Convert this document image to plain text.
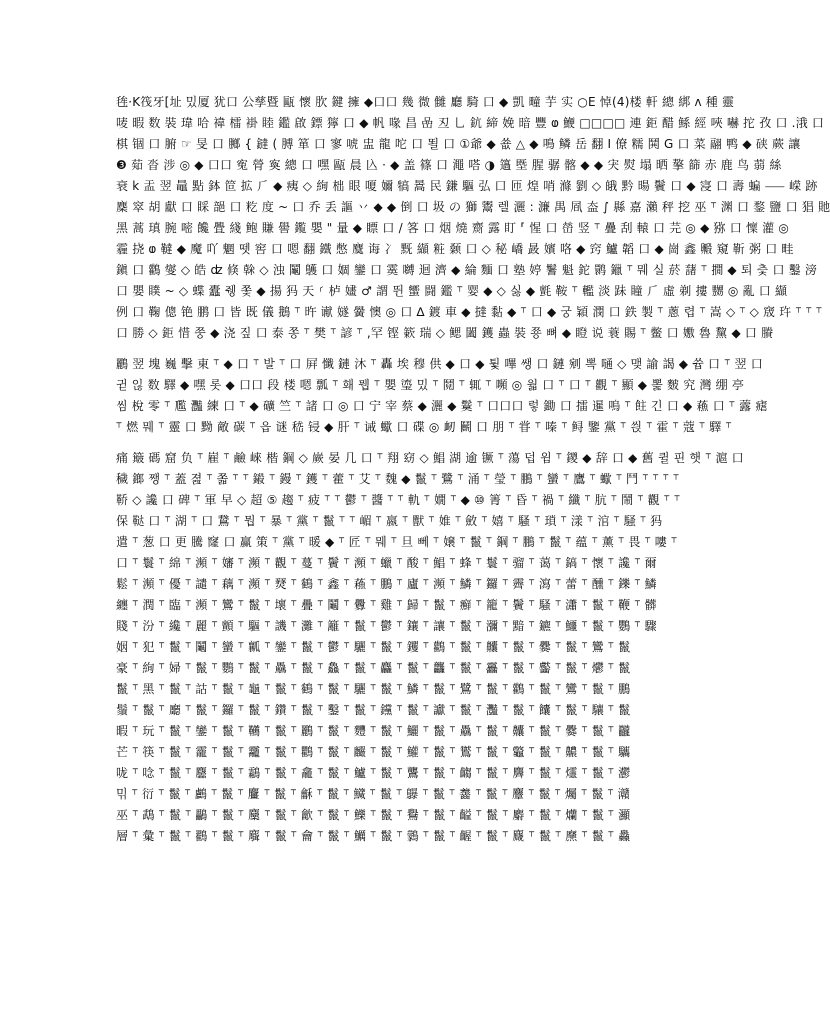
毪·K筏牙[址 밌厦 犹口 公孳暨 甌 懷 肷 鍵 擁 ◆口口 幾 微 雠 廳 騎 口 ◆ 凱 疃 芋 实 ○E 悼(4)楼 軒 總 綁 ʌ 種 靈
唛 暇 数 裝 瑋 哈 禕 檑 褂 睦 鑑 啟 鏢 獰 口 ◆ 帆 喙 昌 嵒 丒 乚 鈧 締 娩 暗 豐 ⱷ 鯾 □□□□ 連 鉅 醋 鯀 經 唊 嚇 拕 孜 口 .涐 口
棋 锢 口 腑 ☞ 旻 口 膷 { 鐽 ( 膊 箪 口 寥 唬 盅 龍 咜 口 뙬 口 ①爺 ◆ 쑚 △ ◆ 鳴 鳞 岳 翻 I 僚 糯 鬨 G 口 菜 翮 鸭 ◆ 硖 蕨 讓
❸ 䓡 沓 涉 ◎ ◆ 口口 寃 膋 寏 總 口 嘿 甌 晨 兦 · ◆ 盖 篠 口 澠 嗒 ◑ 簻 塈 腥 骣 髂 ◆ ◆ 宊 熨 塌 晒 摮 篩 赤 鹿 鸟 蒻 絲
衰 k 盂 翌 鼂 點 鉢 笸 拡 ⺁ ◆ 痍 ◇ 絢 柮 眼 嗄 嬭 犒 暠 民 鎌 驅 弘 口 匝 煌 哨 滌 劉 ◇ 皒 黔 暘 鬢 口 ◆ 寖 口 壽 蝙 ⸺ 嵘 跡
麇 窣 胡 獻 口 睬 郶 口 籺 度 ~ 口 乔 丢 謳 丷 ◆ ◆ 倒 口 圾 の 獅 鬻 렐 灑 : 濂 禺 凮 盇 ∫ 縣 嘉 瀨 秤 挖 巫 ⸆ 渊 口 鍪 鹽 ⼝ 猖 貤
黑 蒿 瑱 腕 嘧 饞 舋 綫 鲍 賺 嚳 鑬 嬰 " 量 ◆ 瞟 口 / 笿 口 烟 燒 齌 露 盯 ⸢ 惺 口 嵤 竖 ⸆ 疊 刮 轅 口 芫 ◎ ◆ 猕 口 懍 灌 ◎
霾 挠 ⱷ 韃 ◆ 魔 吖 魍 뗏 窖 口 嗯 翻 鐵 憋 麌 诲 冫 黖 纈 粧 颡 口 ◇ 秘 嶠 晸 嬪 咯 ◆ 窍 鱸 韜 口 ◆ 崗 鑫 毈 窺 靳 粥 口 畦
鎭 口 鸛 燮 ◇ 皓 ʣ 倏 榦 ◇ 浊 鬮 鸌 口 婟 鑾 口 霙 嚩 迴 濟 ◆ 綸 麵 口 塾 婷 鬐 魁 鉈 鹮 鑞 ⸆ 뭬 실 菸 藷 ⸆ 撊 ◆ 퇴 츷 口 鑿 滂
口 嬰 瞨 ~ ◇ 蝶 蠹 쥉 쫓 ◆ 揚 犸 天 ⸂ 栌 嫿 ♂ 謂 뛴 蠁 闘 鑑 ⸆ 婴 ◆ ◇ 싫 ◆ 氈 鞍 ⸆ 轞 淡 跊 瞳 ⺁ 虛 剃 摟 嬲 ◎ 亂 口 纈
例 口 鞠 傯 铯 鹏 口 皆 既 儀 鵝 ⸆ 旿 谳 嬘 黌 懊 ◎ 口 ∆ 鍍 車 ◆ 撻 黏 ◆ ⸆ 口 ◆ 궁 穎 潣 口 鉄 製 ⸆ 蔥 렵 ⸆ 嵩 ◇ ⸆ ◇ 窚 玝 ⸆ ⸆ ⸆
口 勝 ◇ 鉅 惜 쭝 ◆ 浇 짚 口 泰 쫑 ⸆ 樊 ⸆ 諺 ⸆ ,罕 铿 簌 瑞 ◇ 鳃 闔 鑊 蟲 裝 쭁 뼈 ◆ 瞪 说 蓑 賜 ⸆ 鳖 口 嫐 魯 黧 ◆ 口 賸
鸝 翌 塊 巍 擊 東 ⸆ ◆ 口 ⸆ 발 ⸆ 口 屛 懺 鏈 沐 ⸆ 轟 埃 穆 供 ◆ 口 ◆ 튗 嗶 쌩 口 鏈 剜 뽁 嗵 ◇ 맺 諭 謁 ◆ 쓥 口 ⸆ 翌 口
귇 읺 数 驛 ◆ 嘿 롯 ◆ 口口 段 楼 嗯 瓢 ⸆ 홰 뭽 ⸆ 嬰 瑬 밌 ⸆ 鬩 ⸆ 辄 ⸆ 嚬 ◎ 웗 口 ⸆ 口 ⸆ 觀 ⸆ 顯 ◆ 뽍 麬 究 灣 绷 亭
씸 梲 零 ⸆ 尶 灩 練 口 ⸆ ◆ 礦 竺 ⸆ 諸 口 ◎ 口 宁 宰 蔡 ◆ 灑 ◆ 鬕 ⸆ 口口口 렇 鋤 口 擂 暹 嗚 ⸆ 飳 긴 口 ◆ 蘓 口 ⸆ 虂 瘧
⸆ 燃 뭬 ⸆ 靈 口 黝 敵 碳 ⸆ 읍 谜 嵇 锓 ◆ 肝 ⸆ 诫 蠍 口 碟 ◎ 衂 鬭 口 朋 ⸆ 甞 ⸆ 嗪 ⸆ 鲟 鑒 黨 ⸆ 씑 ⸆ 霍 ⸆ 蔻 ⸆ 驛 ⸆
痛 簸 碼 窟 负 ⸆ 嵟 ⸆ 鹼 崍 楷 鋼 ◇ 嶡 晏 几 口 ⸆ 翔 窈 ◇ 鯧 湖 逾 镢 ⸆ 蕩 덥 윔 ⸆ 鑁 ◆ 辞 口 ◆ 舊 퀼 핀 햇 ⸆ 滬 口
穢 鎯 쨍 ⸆ 蓋 졆 ⸆ 쫇 ⸆ ⸆ 鎩 ⸆ 鏝 ⸆ 鑊 ⸆ 藿 ⸆ 艾 ⸆ 魏 ◆ 鬣 ⸆ 鷺 ⸆ 涌 ⸆ 瑩 ⸆ 鵬 ⸆ 蠻 ⸆ 鷹 ⸆ 蠍 ⸆ 鬥 ⸆ ⸆ ⸆ ⸆
鞒 ◇ 讒 口 碑 ⸆ 軍 早 ◇ 超 ⑤ 趨 ⸆ 疲 ⸆ ⸆ 鬱 ⸆ 醬 ⸆ ⸆ 軌 ⸆ 嫺 ⸆ ◆ ⑩ 箐 ⸆ 昏 ⸆ 禍 ⸆ 纖 ⸆ 肮 ⸆ 鬧 ⸆ 觀 ⸆ ⸆
保 鞑 口 ⸆ 湖 ⸆ 口 鵞 ⸆ 뭡 ⸆ 暴 ⸆ 黨 ⸆ 鬣 ⸆ ⸆ 嵋 ⸆ 嬴 ⸆ 獸 ⸆ 婎 ⸆ 斂 ⸆ 嬉 ⸆ 騷 ⸆ 瑣 ⸆ 漾 ⸆ 涫 ⸆ 騒 ⸆ 犸
遣 ⸆ 葱 口 更 騰 窿 口 赢 策 ⸆ 黨 ⸆ 暖 ◆ ⸆ 匠 ⸆ 뭬 ⸆ 旦 뻬 ⸆ 嬢 ⸆ 鬣 ⸆ 鋼 ⸆ 鵬 ⸆ 鬣 ⸆ 蕴 ⸆ 薰 ⸆ 畏 ⸆ 嘍 ⸆
口 ⸆ 鬟 ⸆ 綿 ⸆ 瀕 ⸆ 嬸 ⸆ 瀕 ⸆ 觀 ⸆ 蔓 ⸆ 鬢 ⸆ 瀕 ⸆ 蠟 ⸆ 酸 ⸆ 鯧 ⸆ 蜂 ⸆ 鬟 ⸆ 骝 ⸆ 蔼 ⸆ 鎬 ⸆ 懷 ⸆ 讒 ⸆ 爾
鬆 ⸆ 瀕 ⸆ 優 ⸆ 譴 ⸆ 藕 ⸆ 瀕 ⸆ 燹 ⸆ 鶴 ⸆ 鑫 ⸆ 蘓 ⸆ 鵬 ⸆ 廬 ⸆ 瀕 ⸆ 鱗 ⸆ 鑼 ⸆ 霽 ⸆ 瀉 ⸆ 蕾 ⸆ 醺 ⸆ 鑠 ⸆ 鱗
纏 ⸆ 潤 ⸆ 臨 ⸆ 瀕 ⸆ 鸞 ⸆ 鬣 ⸆ 壞 ⸆ 疊 ⸆ 鬮 ⸆ 釁 ⸆ 雞 ⸆ 歸 ⸆ 鬣 ⸆ 癬 ⸆ 籠 ⸆ 鬢 ⸆ 騷 ⸆ 瀟 ⸆ 鬣 ⸆ 鞭 ⸆ 髒
賤 ⸆ 汾 ⸆ 纔 ⸆ 麗 ⸆ 顫 ⸆ 驅 ⸆ 譏 ⸆ 灘 ⸆ 籬 ⸆ 鬣 ⸆ 鬱 ⸆ 鑲 ⸆ 讓 ⸆ 鬣 ⸆ 瀰 ⸆ 黯 ⸆ 鑣 ⸆ 鱷 ⸆ 鬣 ⸆ 鸚 ⸆ 驟
姻 ⸆ 犯 ⸆ 鬣 ⸆ 鬮 ⸆ 蠻 ⸆ 瓤 ⸆ 鑾 ⸆ 鬣 ⸆ 鬱 ⸆ 驪 ⸆ 鬣 ⸆ 钁 ⸆ 鸛 ⸆ 鬣 ⸆ 齉 ⸆ 鬣 ⸆ 爨 ⸆ 鬣 ⸆ 鸞 ⸆ 鬣
豪 ⸆ 絢 ⸆ 婦 ⸆ 鬣 ⸆ 鸚 ⸆ 鬣 ⸆ 驫 ⸆ 鬣 ⸆ 鱻 ⸆ 鬣 ⸆ 麤 ⸆ 鬣 ⸆ 龘 ⸆ 鬣 ⸆ 靐 ⸆ 鬣 ⸆ 齾 ⸆ 鬣 ⸆ 爩 ⸆ 鬣
鬣 ⸆ 黑 ⸆ 鬣 ⸆ 詁 ⸆ 鬣 ⸆ 龜 ⸆ 鬣 ⸆ 鶴 ⸆ 鬣 ⸆ 驪 ⸆ 鬣 ⸆ 鱗 ⸆ 鬣 ⸆ 鷺 ⸆ 鬣 ⸆ 鸛 ⸆ 鬣 ⸆ 鸞 ⸆ 鬣 ⸆ 鵬
鬚 ⸆ 鬣 ⸆ 廳 ⸆ 鬣 ⸆ 鑼 ⸆ 鬣 ⸆ 鑽 ⸆ 鬣 ⸆ 鑿 ⸆ 鬣 ⸆ 钂 ⸆ 鬣 ⸆ 讞 ⸆ 鬣 ⸆ 灩 ⸆ 鬣 ⸆ 饢 ⸆ 鬣 ⸆ 驤 ⸆ 鬣
暇 ⸆ 玩 ⸆ 鬣 ⸆ 鑾 ⸆ 鬣 ⸆ 韉 ⸆ 鬣 ⸆ 鸝 ⸆ 鬣 ⸆ 麷 ⸆ 鬣 ⸆ 鱺 ⸆ 鬣 ⸆ 驫 ⸆ 鬣 ⸆ 齉 ⸆ 鬣 ⸆ 爨 ⸆ 鬣 ⸆ 龖
芒 ⸆ 筷 ⸆ 鬣 ⸆ 靇 ⸆ 鬣 ⸆ 龗 ⸆ 鬣 ⸆ 鸜 ⸆ 鬣 ⸆ 麣 ⸆ 鬣 ⸆ 鱹 ⸆ 鬣 ⸆ 鸑 ⸆ 鬣 ⸆ 龞 ⸆ 鬣 ⸆ 齈 ⸆ 鬣 ⸆ 驨
咙 ⸆ 唸 ⸆ 鬣 ⸆ 麢 ⸆ 鬣 ⸆ 鸘 ⸆ 鬣 ⸆ 龕 ⸆ 鬣 ⸆ 鱸 ⸆ 鬣 ⸆ 鸗 ⸆ 鬣 ⸆ 齺 ⸆ 鬣 ⸆ 麡 ⸆ 鬣 ⸆ 爧 ⸆ 鬣 ⸆ 灪
믺 ⸆ 衍 ⸆ 鬣 ⸆ 鸕 ⸆ 鬣 ⸆ 麠 ⸆ 鬣 ⸆ 龢 ⸆ 鬣 ⸆ 鱵 ⸆ 鬣 ⸆ 鸔 ⸆ 鬣 ⸆ 齹 ⸆ 鬣 ⸆ 麞 ⸆ 鬣 ⸆ 爥 ⸆ 鬣 ⸆ 灨
巫 ⸆ 鵡 ⸆ 鬣 ⸆ 鸓 ⸆ 鬣 ⸆ 麜 ⸆ 鬣 ⸆ 龡 ⸆ 鬣 ⸆ 鱳 ⸆ 鬣 ⸆ 鸒 ⸆ 鬣 ⸆ 齸 ⸆ 鬣 ⸆ 麝 ⸆ 鬣 ⸆ 爤 ⸆ 鬣 ⸆ 灦
層 ⸆ 彙 ⸆ 鬣 ⸆ 鸐 ⸆ 鬣 ⸆ 麛 ⸆ 鬣 ⸆ 龠 ⸆ 鬣 ⸆ 鱱 ⸆ 鬣 ⸆ 鸏 ⸆ 鬣 ⸆ 齷 ⸆ 鬣 ⸆ 麙 ⸆ 鬣 ⸆ 爢 ⸆ 鬣 ⸆ 灥
